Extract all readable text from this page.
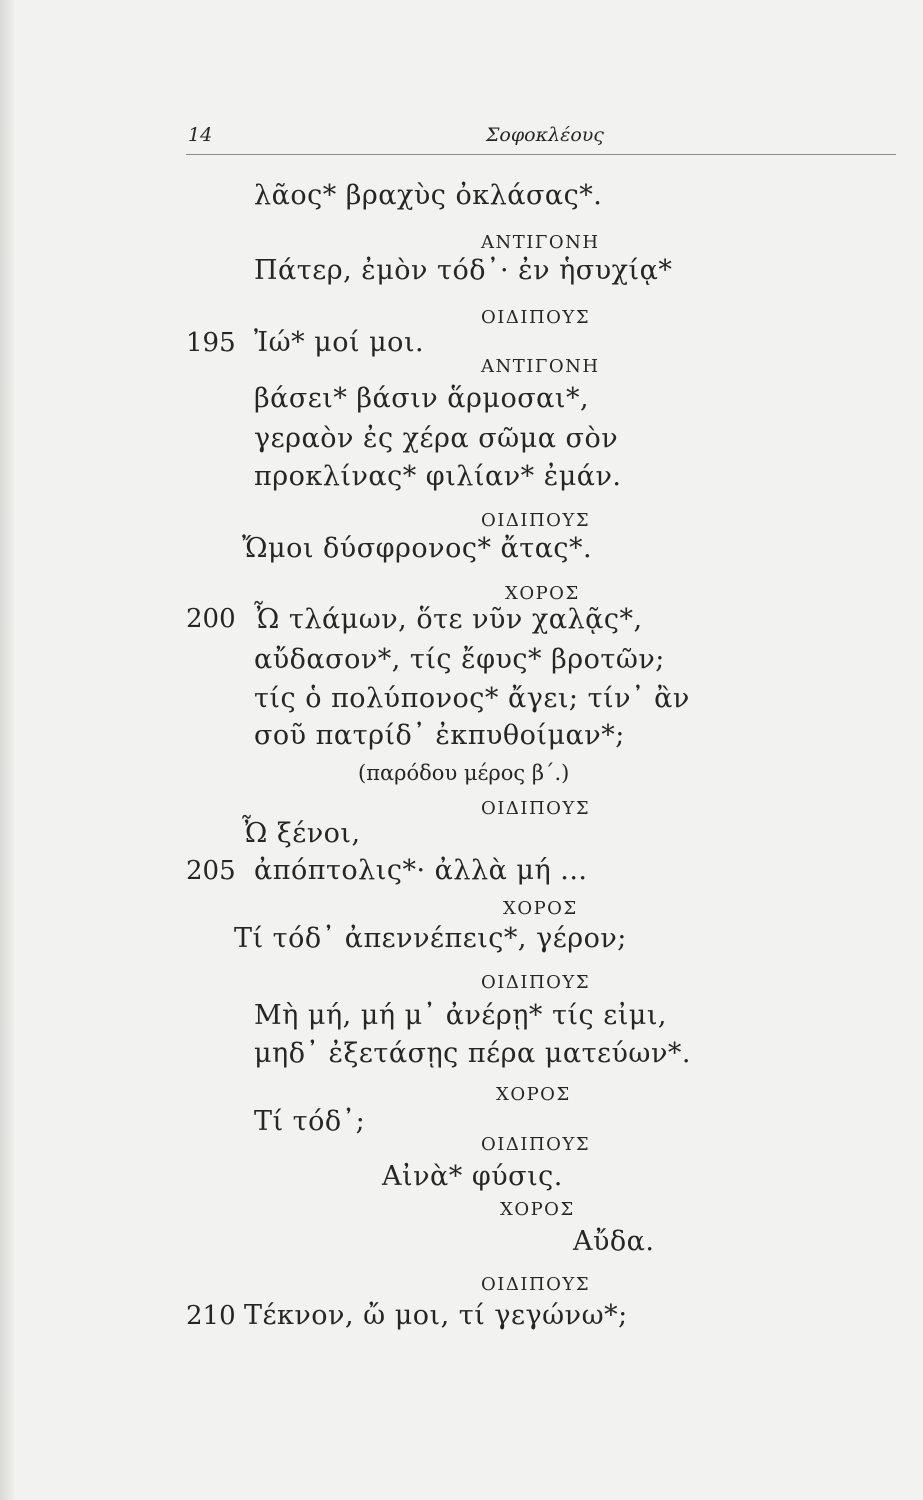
14	Σοφοκλέους
λᾶος* βραχὺς ὀκλάσας*.
ΑΝΤΙΓΟΝΗ
Πάτερ, ἐμὸν τόδ᾽· ἐν ἡσυχίᾳ*
ΟΙΔΙΠΟΥΣ
195 Ἰώ* μοί μοι.
ΑΝΤΙΓΟΝΗ
βάσει* βάσιν ἅρμοσαι*,
γεραὸν ἐς χέρα σῶμα σὸν
προκλίνας* φιλίαν* ἐμάν.
ΟΙΔΙΠΟΥΣ
Ὤμοι δύσφρονος* ἄτας*.
ΧΟΡΟΣ
200 Ὦ τλάμων, ὅτε νῦν χαλᾷς*,
αὔδασον*, τίς ἔφυς* βροτῶν;
τίς ὁ πολύπονος* ἄγει; τίν᾽ ἂν
σοῦ πατρίδ᾽ ἐκπυθοίμαν*;
(παρόδου μέρος β΄.)
ΟΙΔΙΠΟΥΣ
Ὦ ξένοι,
205 ἀπόπτολις*· ἀλλὰ μή ...
ΧΟΡΟΣ
Τί τόδ᾽ ἀπεννέπεις*, γέρον;
ΟΙΔΙΠΟΥΣ
Μὴ μή, μή μ᾽ ἀνέρῃ* τίς εἰμι,
μηδ᾽ ἐξετάσῃς πέρα ματεύων*.
ΧΟΡΟΣ
Τί τόδ᾽;
ΟΙΔΙΠΟΥΣ
Αἰνὰ* φύσις.
ΧΟΡΟΣ
Αὔδα.
ΟΙΔΙΠΟΥΣ
210 Τέκνον, ὤ μοι, τί γεγώνω*;
